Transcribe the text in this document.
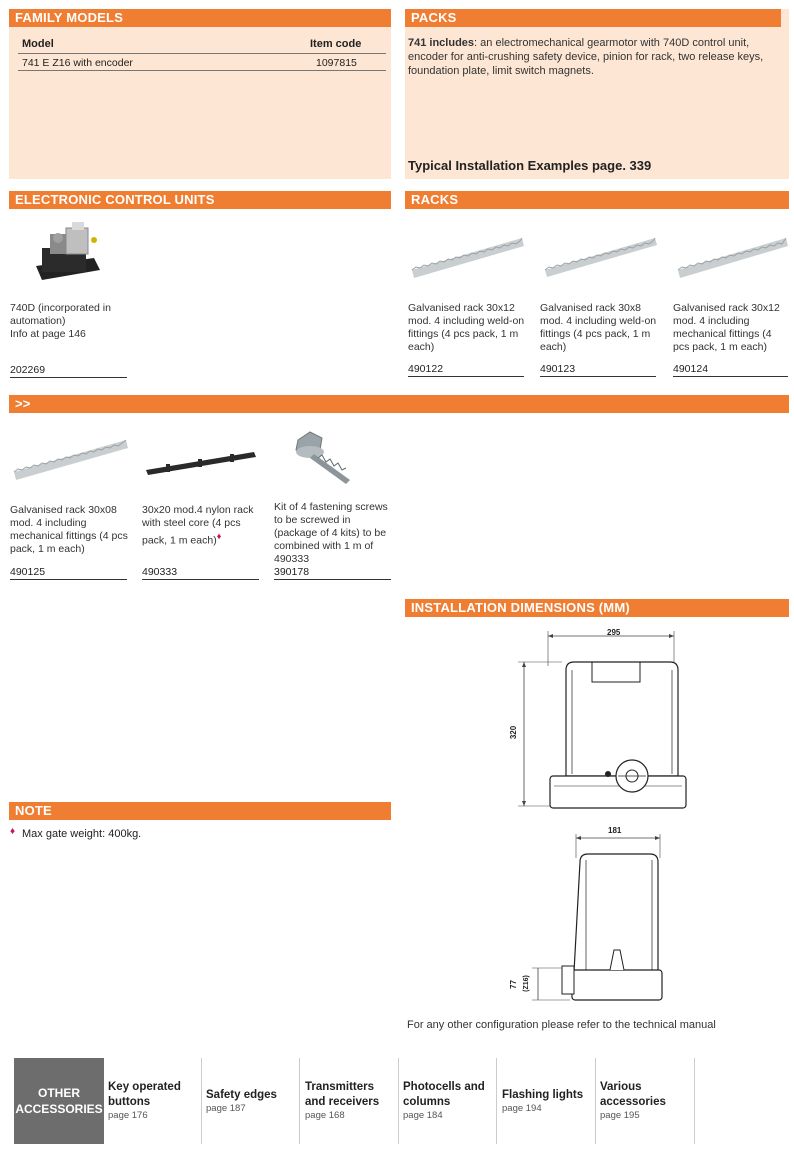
FAMILY MODELS
Model	Item code
741 E Z16 with encoder	1097815
PACKS
741 includes: an electromechanical gearmotor with 740D control unit, encoder for anti-crushing safety device, pinion for rack, two release keys, foundation plate, limit switch magnets.
Typical Installation Examples page. 339
ELECTRONIC CONTROL UNITS
740D (incorporated in automation)
Info at page 146
202269
RACKS
Galvanised rack 30x12 mod. 4 including weld-on fittings (4 pcs pack, 1 m each)
490122
Galvanised rack 30x8 mod. 4 including weld-on fittings (4 pcs pack, 1 m each)
490123
Galvanised rack 30x12 mod. 4 including mechanical fittings (4 pcs pack, 1 m each)
490124
>>
Galvanised rack 30x08 mod. 4 including mechanical fittings (4 pcs pack, 1 m each)
490125
30x20 mod.4 nylon rack with steel core (4 pcs pack, 1 m each)♦
490333
Kit of 4 fastening screws to be screwed in (package of 4 kits) to be combined with 1 m of 490333
390178
INSTALLATION DIMENSIONS (MM)
295
320
181
77 (Z16)
For any other configuration please refer to the technical manual
NOTE
♦ Max gate weight: 400kg.
OTHER ACCESSORIES
Key operated buttons
page 176
Safety edges
page 187
Transmitters and receivers
page 168
Photocells and columns
page 184
Flashing lights
page 194
Various accessories
page 195
